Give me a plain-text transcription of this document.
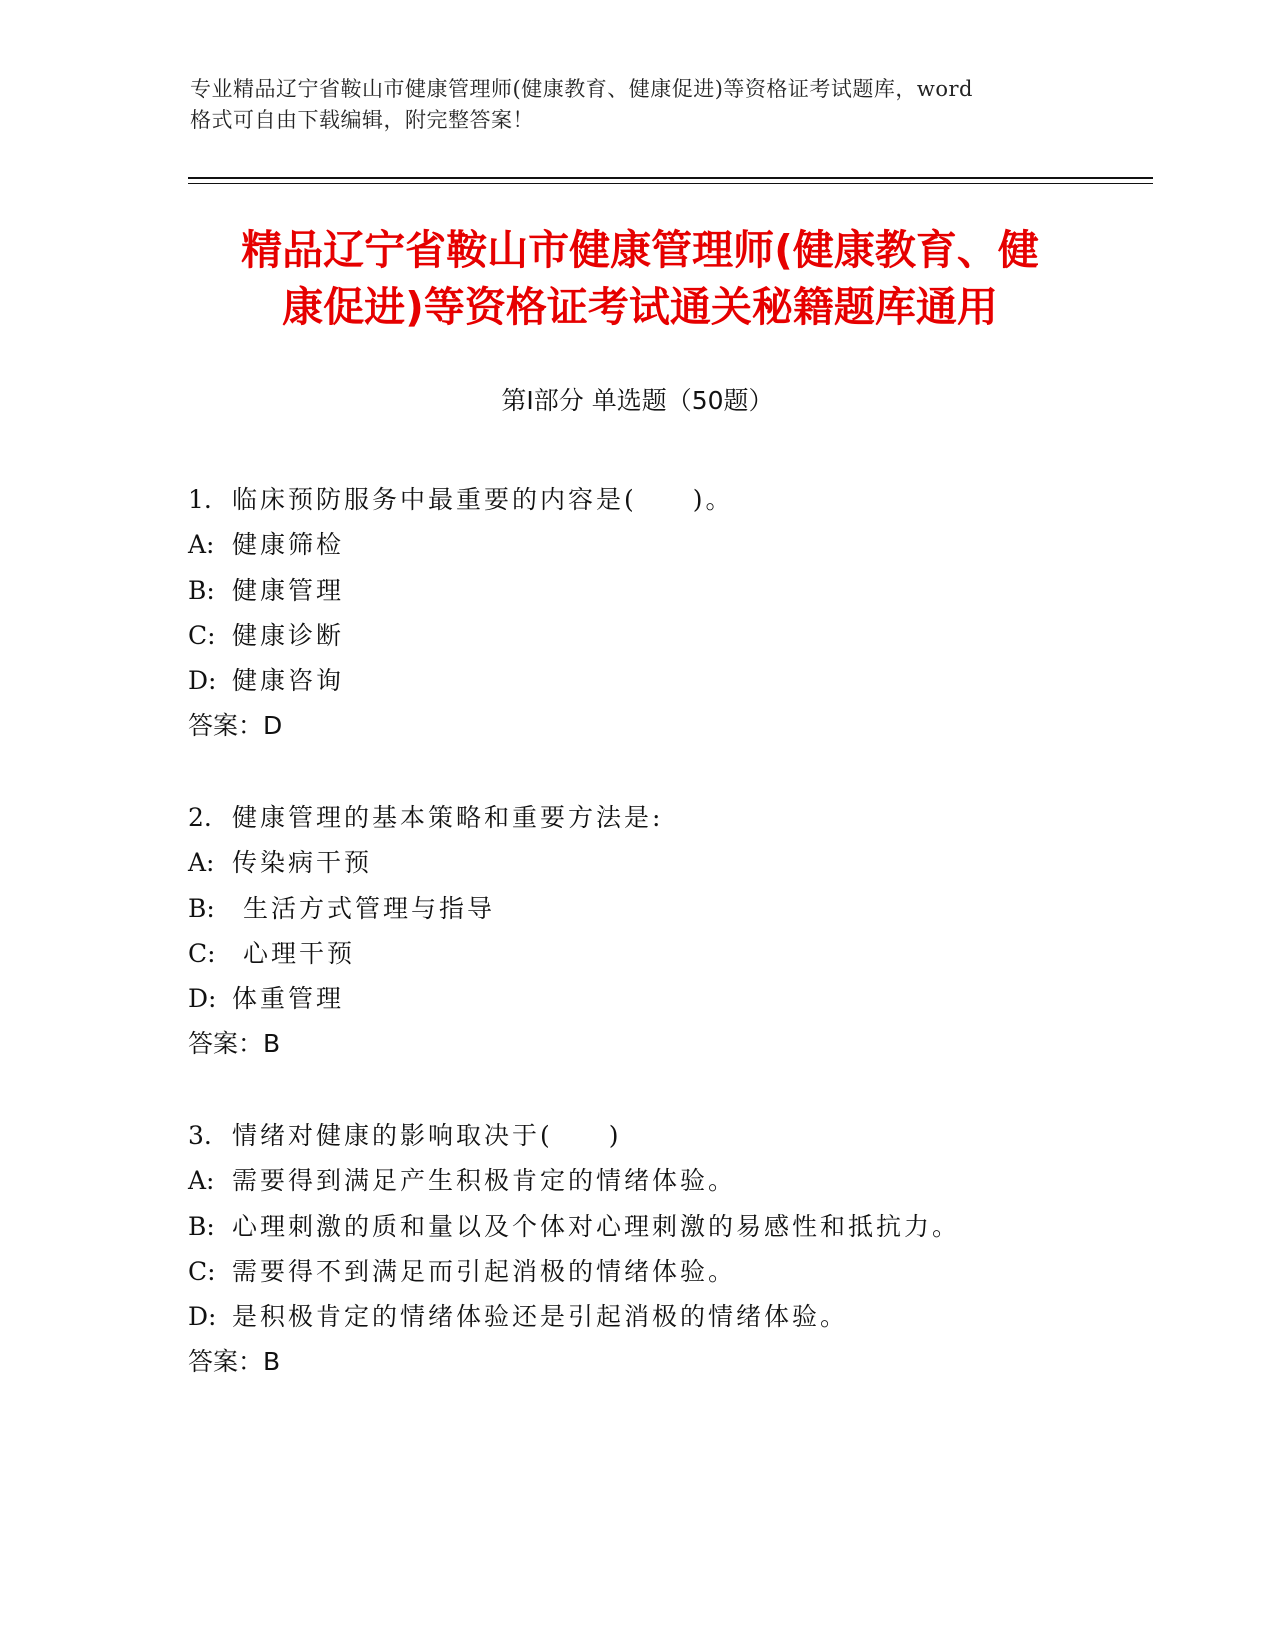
专业精品辽宁省鞍山市健康管理师(健康教育、健康促进)等资格证考试题库，word
格式可自由下载编辑，附完整答案！
精品辽宁省鞍山市健康管理师(健康教育、健
康促进)等资格证考试通关秘籍题库通用
第Ⅰ部分 单选题（50题）
1. 临床预防服务中最重要的内容是(　　)。
A: 健康筛检
B: 健康管理
C: 健康诊断
D: 健康咨询
答案：D
2. 健康管理的基本策略和重要方法是:
A: 传染病干预
B: 生活方式管理与指导
C: 心理干预
D: 体重管理
答案：B
3. 情绪对健康的影响取决于(　　)
A: 需要得到满足产生积极肯定的情绪体验。
B: 心理刺激的质和量以及个体对心理刺激的易感性和抵抗力。
C: 需要得不到满足而引起消极的情绪体验。
D: 是积极肯定的情绪体验还是引起消极的情绪体验。
答案：B
